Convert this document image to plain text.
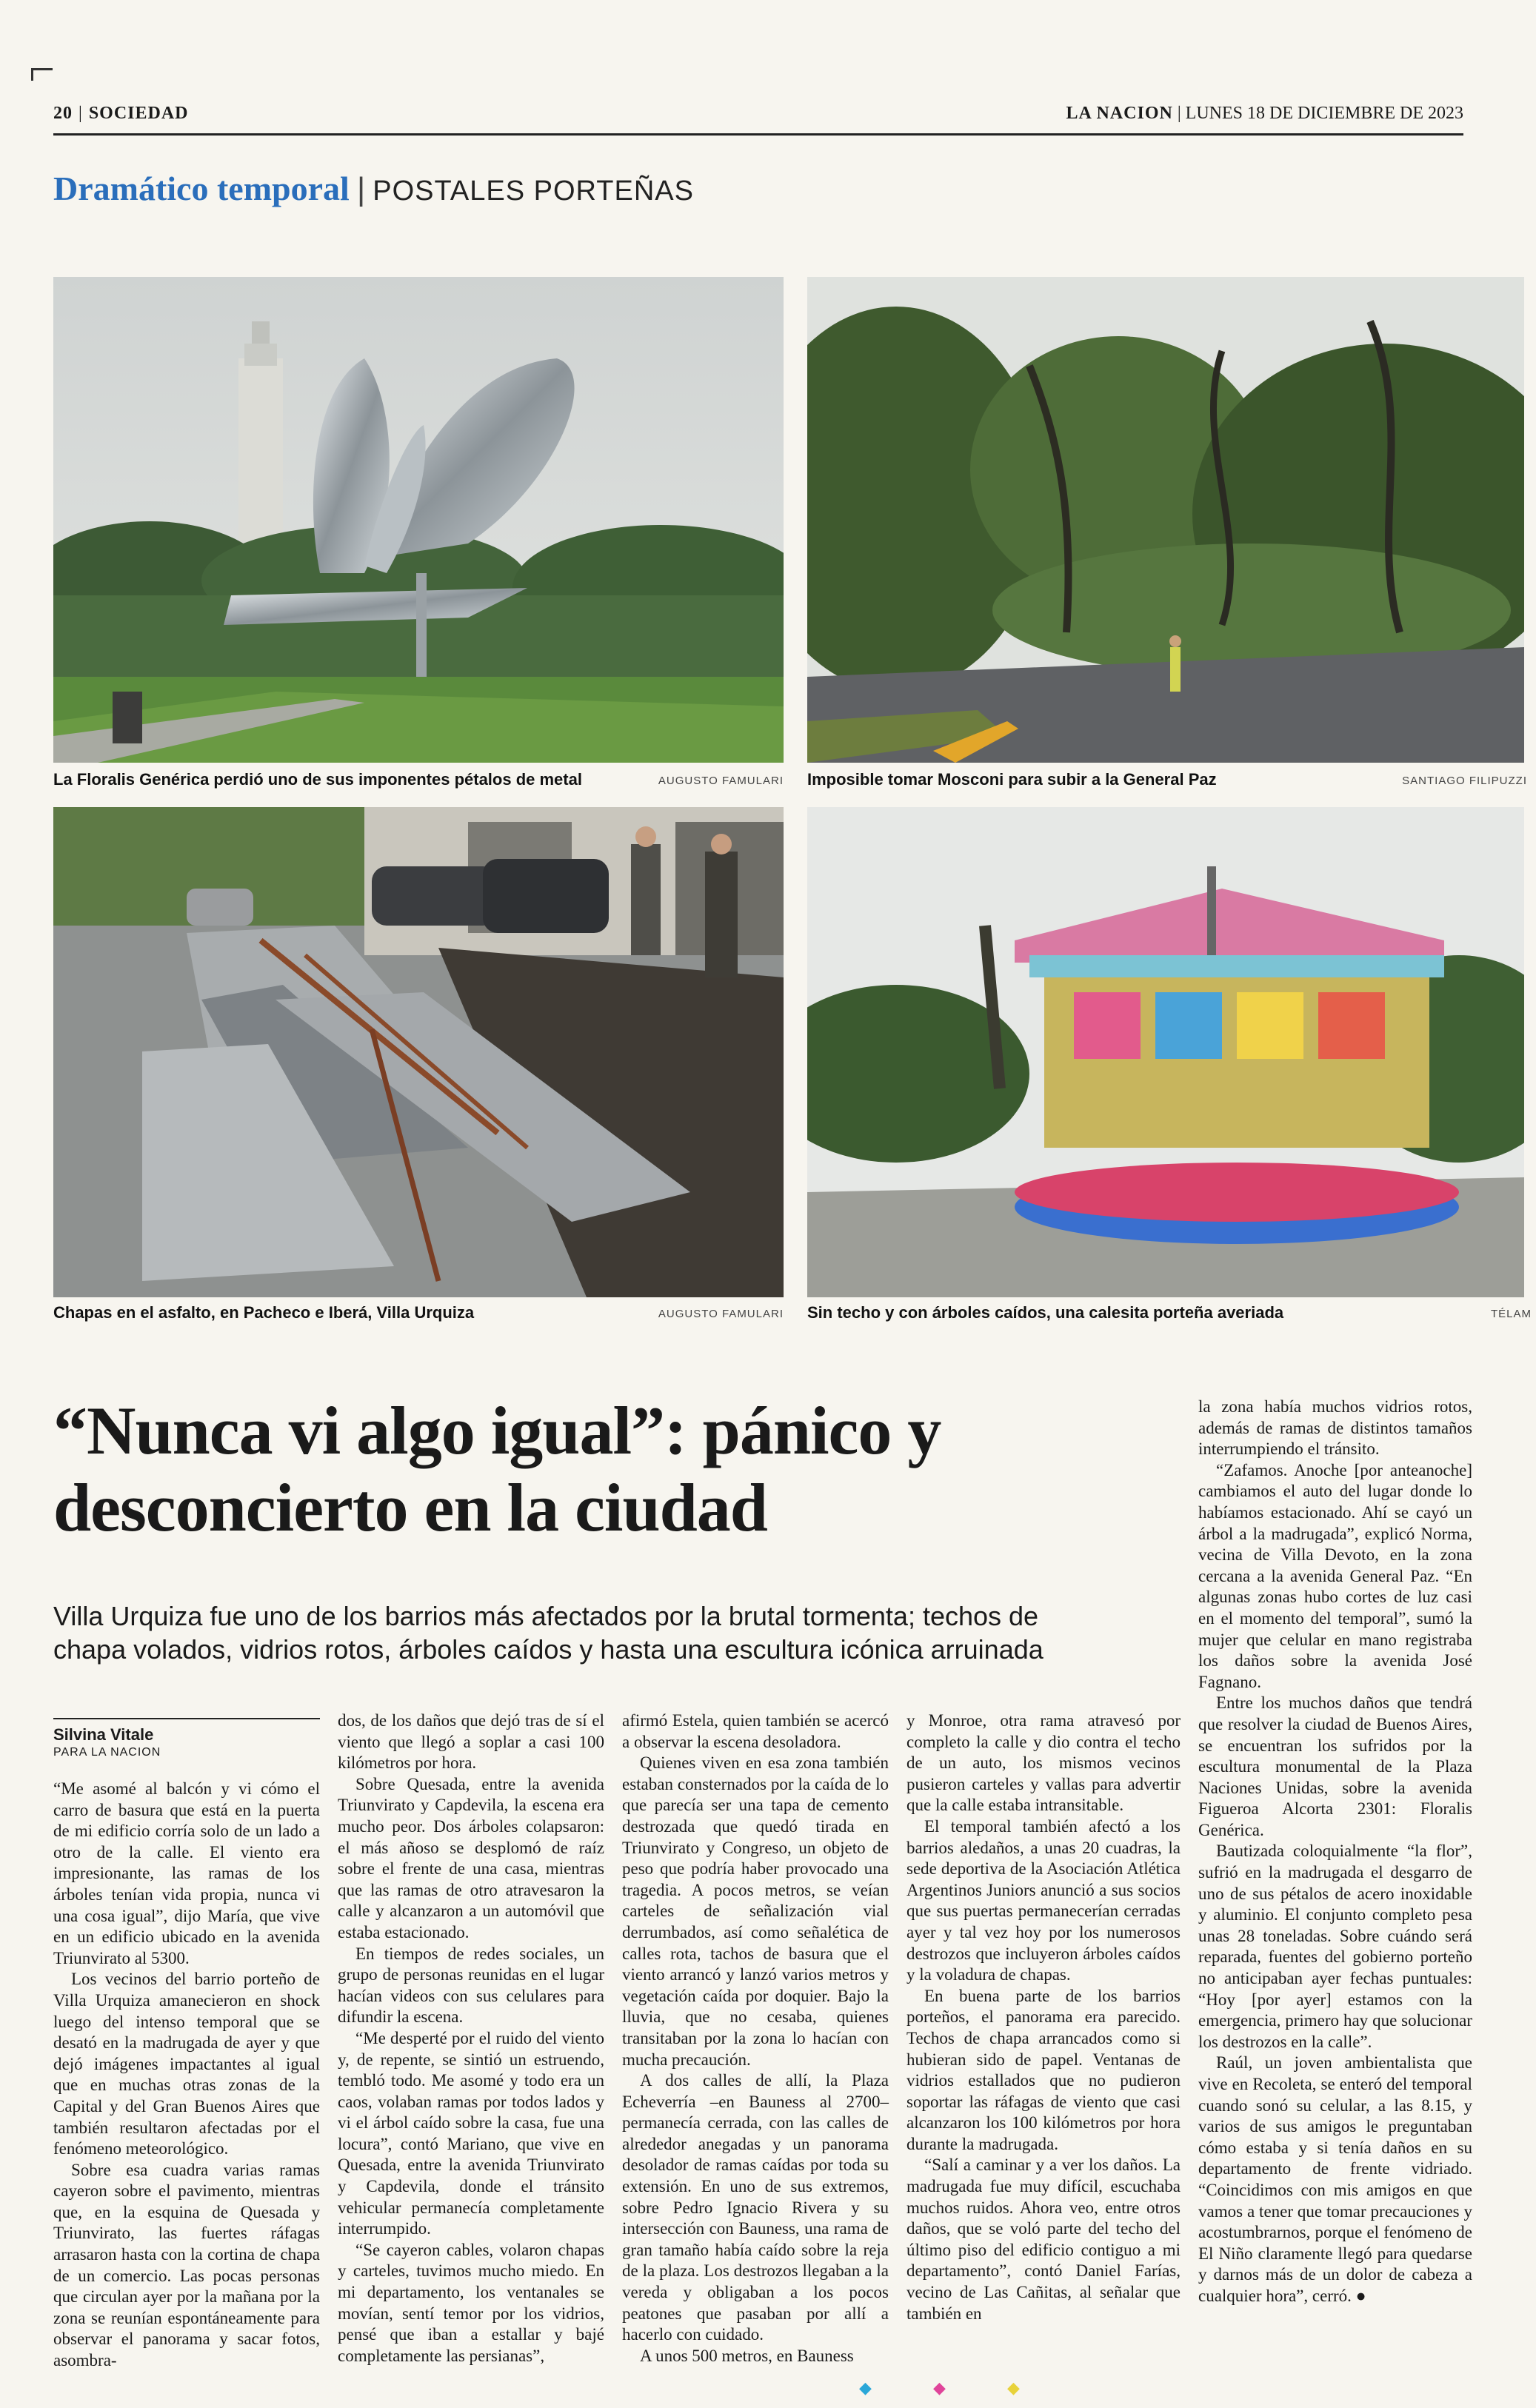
20 | SOCIEDAD	LA NACION | LUNES 18 DE DICIEMBRE DE 2023
Dramático temporal | POSTALES PORTEÑAS
La Floralis Genérica perdió uno de sus imponentes pétalos de metal	AUGUSTO FAMULARI Imposible tomar Mosconi para subir a la General Paz	SANTIAGO FILIPUZZI
Chapas en el asfalto, en Pacheco e Iberá, Villa Urquiza	AUGUSTO FAMULARI Sin techo y con árboles caídos, una calesita porteña averiada	TÉLAM
“Nunca vi algo igual”: pánico y
desconcierto en la ciudad
Villa Urquiza fue uno de los barrios más afectados por la brutal tormenta; techos de chapa volados, vidrios rotos, árboles caídos y hasta una escultura icónica arruinada
Silvina Vitale
PARA LA NACION

“Me asomé al balcón y vi cómo el carro de basura que está en la puerta de mi edificio corría solo de un lado a otro de la calle. El viento era impresionante, las ramas de los árboles tenían vida propia, nunca vi una cosa igual”, dijo María, que vive en un edificio ubicado en la avenida Triunvirato al 5300.

Los vecinos del barrio porteño de Villa Urquiza amanecieron en shock luego del intenso temporal que se desató en la madrugada de ayer y que dejó imágenes impactantes al igual que en muchas otras zonas de la Capital y del Gran Buenos Aires que también resultaron afectadas por el fenómeno meteorológico.

Sobre esa cuadra varias ramas cayeron sobre el pavimento, mientras que, en la esquina de Quesada y Triunvirato, las fuertes ráfagas arrasaron hasta con la cortina de chapa de un comercio. Las pocas personas que circulan ayer por la mañana por la zona se reunían espontáneamente para observar el panorama y sacar fotos, asombra-

dos, de los daños que dejó tras de sí el viento que llegó a soplar a casi 100 kilómetros por hora.

Sobre Quesada, entre la avenida Triunvirato y Capdevila, la escena era mucho peor. Dos árboles colapsaron: el más añoso se desplomó de raíz sobre el frente de una casa, mientras que las ramas de otro atravesaron la calle y alcanzaron a un automóvil que estaba estacionado.

En tiempos de redes sociales, un grupo de personas reunidas en el lugar hacían videos con sus celulares para difundir la escena.

“Me desperté por el ruido del viento y, de repente, se sintió un estruendo, tembló todo. Me asomé y todo era un caos, volaban ramas por todos lados y vi el árbol caído sobre la casa, fue una locura”, contó Mariano, que vive en Quesada, entre la avenida Triunvirato y Capdevila, donde el tránsito vehicular permanecía completamente interrumpido.

“Se cayeron cables, volaron chapas y carteles, tuvimos mucho miedo. En mi departamento, los ventanales se movían, sentí temor por los vidrios, pensé que iban a estallar y bajé completamente las persianas”,

afirmó Estela, quien también se acercó a observar la escena desoladora.

Quienes viven en esa zona también estaban consternados por la caída de lo que parecía ser una tapa de cemento destrozada que quedó tirada en Triunvirato y Congreso, un objeto de peso que podría haber provocado una tragedia. A pocos metros, se veían carteles de señalización vial derrumbados, así como señalética de calles rota, tachos de basura que el viento arrancó y lanzó varios metros y vegetación caída por doquier. Bajo la lluvia, que no cesaba, quienes transitaban por la zona lo hacían con mucha precaución.

A dos calles de allí, la Plaza Echeverría –en Bauness al 2700– permanecía cerrada, con las calles de alrededor anegadas y un panorama desolador de ramas caídas por toda su extensión. En uno de sus extremos, sobre Pedro Ignacio Rivera y su intersección con Bauness, una rama de gran tamaño había caído sobre la reja de la plaza. Los destrozos llegaban a la vereda y obligaban a los pocos peatones que pasaban por allí a hacerlo con cuidado.

A unos 500 metros, en Bauness

y Monroe, otra rama atravesó por completo la calle y dio contra el techo de un auto, los mismos vecinos pusieron carteles y vallas para advertir que la calle estaba intransitable.

El temporal también afectó a los barrios aledaños, a unas 20 cuadras, la sede deportiva de la Asociación Atlética Argentinos Juniors anunció a sus socios que sus puertas permanecerían cerradas ayer y tal vez hoy por los numerosos destrozos que incluyeron árboles caídos y la voladura de chapas.

En buena parte de los barrios porteños, el panorama era parecido. Techos de chapa arrancados como si hubieran sido de papel. Ventanas de vidrios estallados que no pudieron soportar las ráfagas de viento que casi alcanzaron los 100 kilómetros por hora durante la madrugada.

“Salí a caminar y a ver los daños. La madrugada fue muy difícil, escuchaba muchos ruidos. Ahora veo, entre otros daños, que se voló parte del techo del último piso del edificio contiguo a mi departamento”, contó Daniel Farías, vecino de Las Cañitas, al señalar que también en

la zona había muchos vidrios rotos, además de ramas de distintos tamaños interrumpiendo el tránsito.

“Zafamos. Anoche [por anteanoche] cambiamos el auto del lugar donde lo habíamos estacionado. Ahí se cayó un árbol a la madrugada”, explicó Norma, vecina de Villa Devoto, en la zona cercana a la avenida General Paz. “En algunas zonas hubo cortes de luz casi en el momento del temporal”, sumó la mujer que celular en mano registraba los daños sobre la avenida José Fagnano.

Entre los muchos daños que tendrá que resolver la ciudad de Buenos Aires, se encuentran los sufridos por la escultura monumental de la Plaza Naciones Unidas, sobre la avenida Figueroa Alcorta 2301: Floralis Genérica.

Bautizada coloquialmente “la flor”, sufrió en la madrugada el desgarro de uno de sus pétalos de acero inoxidable y aluminio. El conjunto completo pesa unas 28 toneladas. Sobre cuándo será reparada, fuentes del gobierno porteño no anticipaban ayer fechas puntuales: “Hoy [por ayer] estamos con la emergencia, primero hay que solucionar los destrozos en la calle”.

Raúl, un joven ambientalista que vive en Recoleta, se enteró del temporal cuando sonó su celular, a las 8.15, y varios de sus amigos le preguntaban cómo estaba y si tenía daños en su departamento de frente vidriado. “Coincidimos con mis amigos en que vamos a tener que tomar precauciones y acostumbrarnos, porque el fenómeno de El Niño claramente llegó para quedarse y darnos más de un dolor de cabeza a cualquier hora”, cerró. ●

◆	◆	◆
